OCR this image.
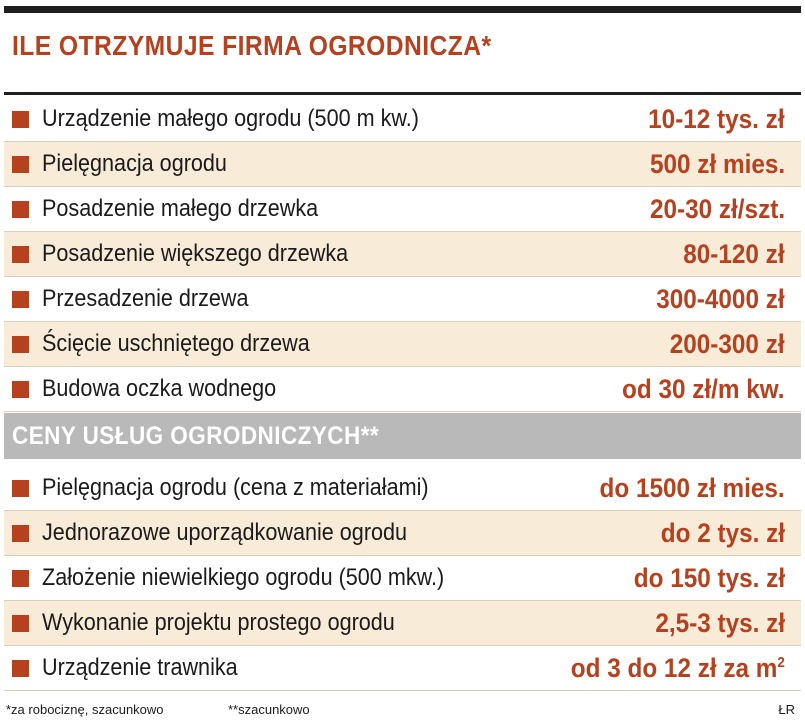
ILE OTRZYMUJE FIRMA OGRODNICZA*
Urządzenie małego ogrodu (500 m kw.)	10-12 tys. zł
Pielęgnacja ogrodu	500 zł mies.
Posadzenie małego drzewka	20-30 zł/szt.
Posadzenie większego drzewka	80-120 zł
Przesadzenie drzewa	300-4000 zł
Ścięcie uschniętego drzewa	200-300 zł
Budowa oczka wodnego	od 30 zł/m kw.
CENY USŁUG OGRODNICZYCH**
Pielęgnacja ogrodu (cena z materiałami)	do 1500 zł mies.
Jednorazowe uporządkowanie ogrodu	do 2 tys. zł
Założenie niewielkiego ogrodu (500 mkw.)	do 150 tys. zł
Wykonanie projektu prostego ogrodu	2,5-3 tys. zł
Urządzenie trawnika	od 3 do 12 zł za $m^2$
*za robociznę, szacunkowo	**szacunkowo	ŁR
